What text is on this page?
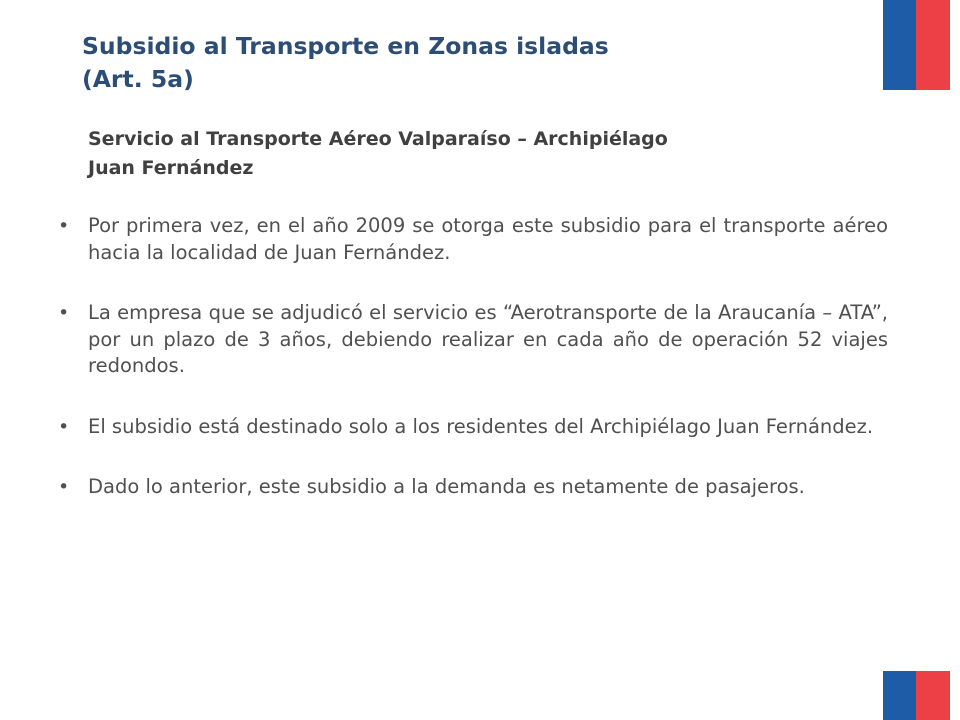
Subsidio al Transporte en Zonas isladas
(Art. 5a)
Servicio al Transporte Aéreo Valparaíso – Archipiélago
Juan Fernández
• Por primera vez, en el año 2009 se otorga este subsidio para el transporte aéreo hacia la localidad de Juan Fernández.
• La empresa que se adjudicó el servicio es “Aerotransporte de la Araucanía – ATA”, por un plazo de 3 años, debiendo realizar en cada año de operación 52 viajes redondos.
• El subsidio está destinado solo a los residentes del Archipiélago Juan Fernández.
• Dado lo anterior, este subsidio a la demanda es netamente de pasajeros.
